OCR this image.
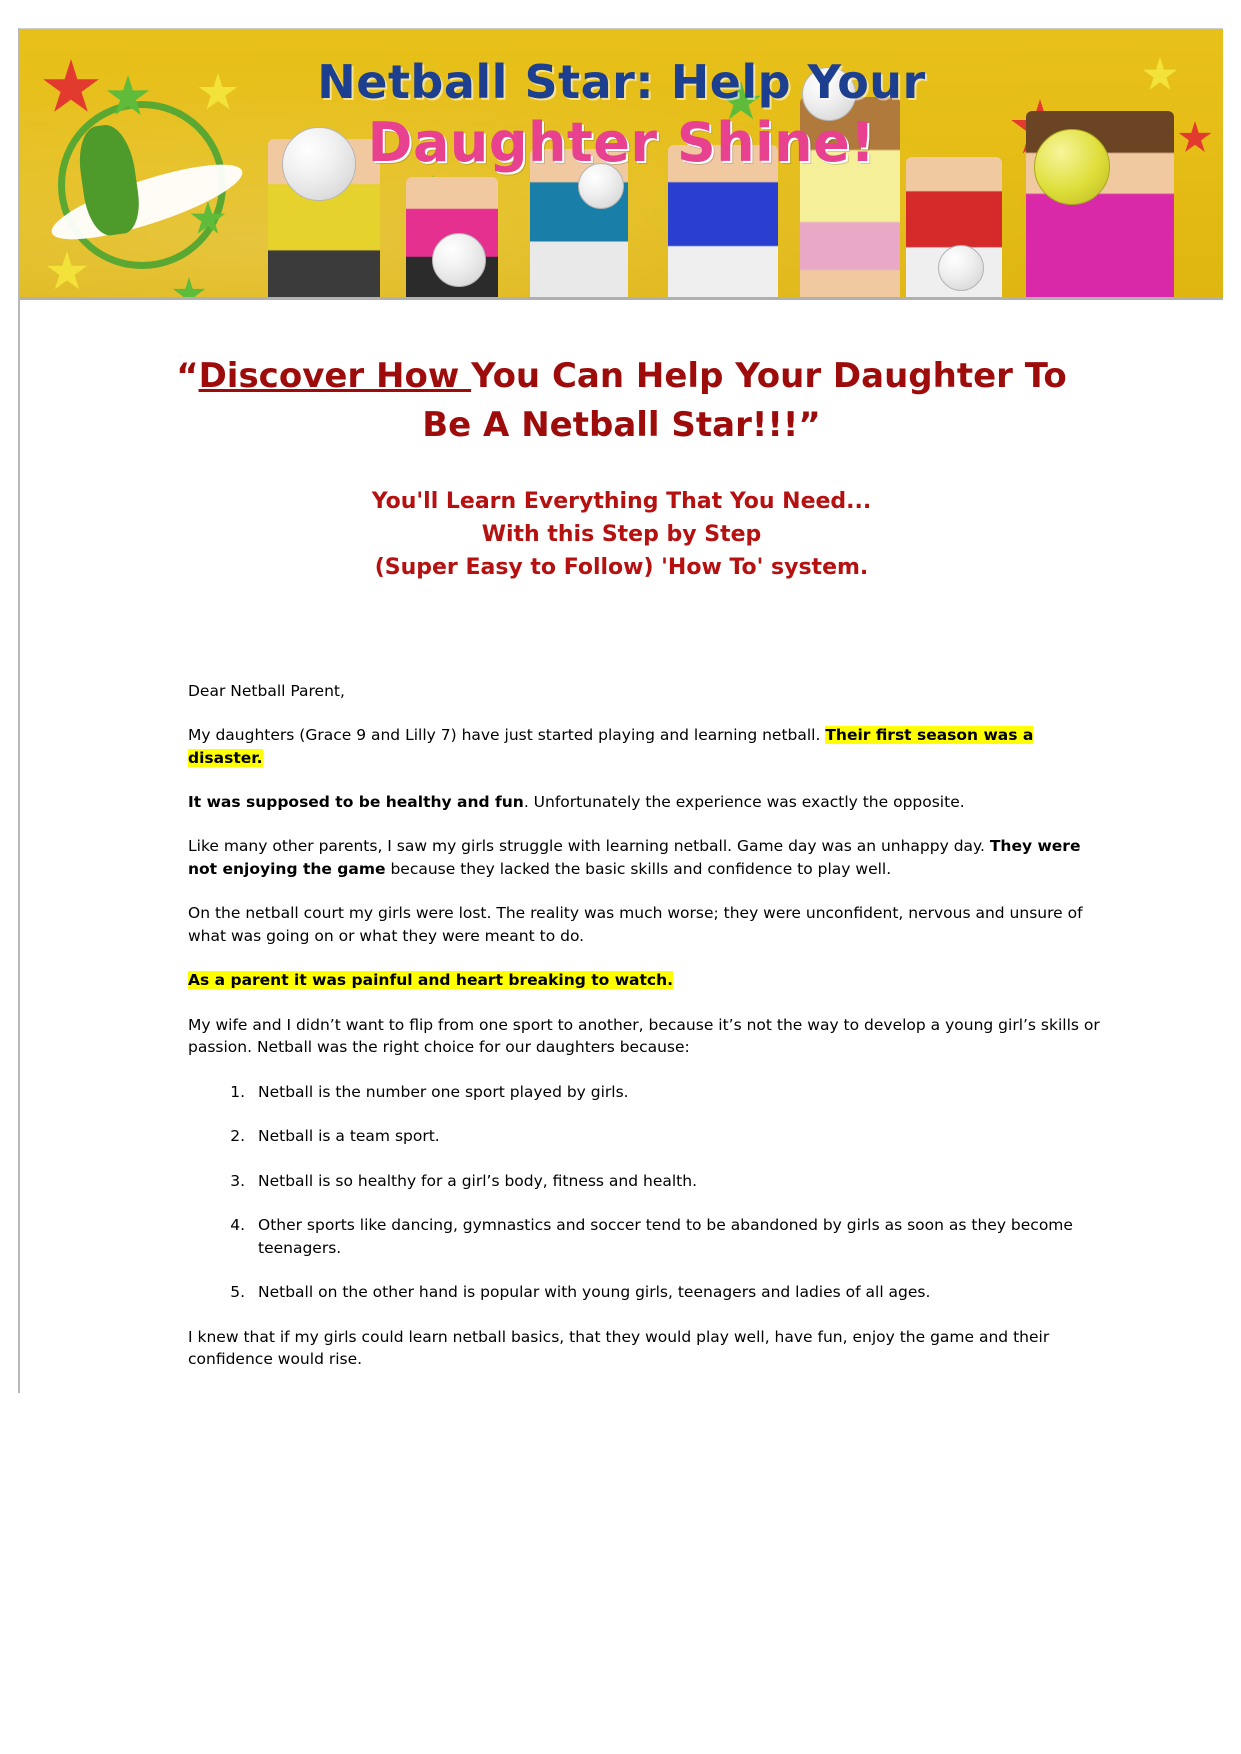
Netball Star: Help Your
Daughter Shine!
“Discover How You Can Help Your Daughter To Be A Netball Star!!!”
You'll Learn Everything That You Need...
With this Step by Step
(Super Easy to Follow) 'How To' system.

Dear Netball Parent,

My daughters (Grace 9 and Lilly 7) have just started playing and learning netball. Their first season was a disaster.

It was supposed to be healthy and fun. Unfortunately the experience was exactly the opposite.

Like many other parents, I saw my girls struggle with learning netball. Game day was an unhappy day. They were not enjoying the game because they lacked the basic skills and confidence to play well.

On the netball court my girls were lost. The reality was much worse; they were unconfident, nervous and unsure of what was going on or what they were meant to do.

As a parent it was painful and heart breaking to watch.

My wife and I didn’t want to flip from one sport to another, because it’s not the way to develop a young girl’s skills or passion. Netball was the right choice for our daughters because:

1. Netball is the number one sport played by girls.
2. Netball is a team sport.
3. Netball is so healthy for a girl’s body, fitness and health.
4. Other sports like dancing, gymnastics and soccer tend to be abandoned by girls as soon as they become teenagers.
5. Netball on the other hand is popular with young girls, teenagers and ladies of all ages.

I knew that if my girls could learn netball basics, that they would play well, have fun, enjoy the game and their confidence would rise.
